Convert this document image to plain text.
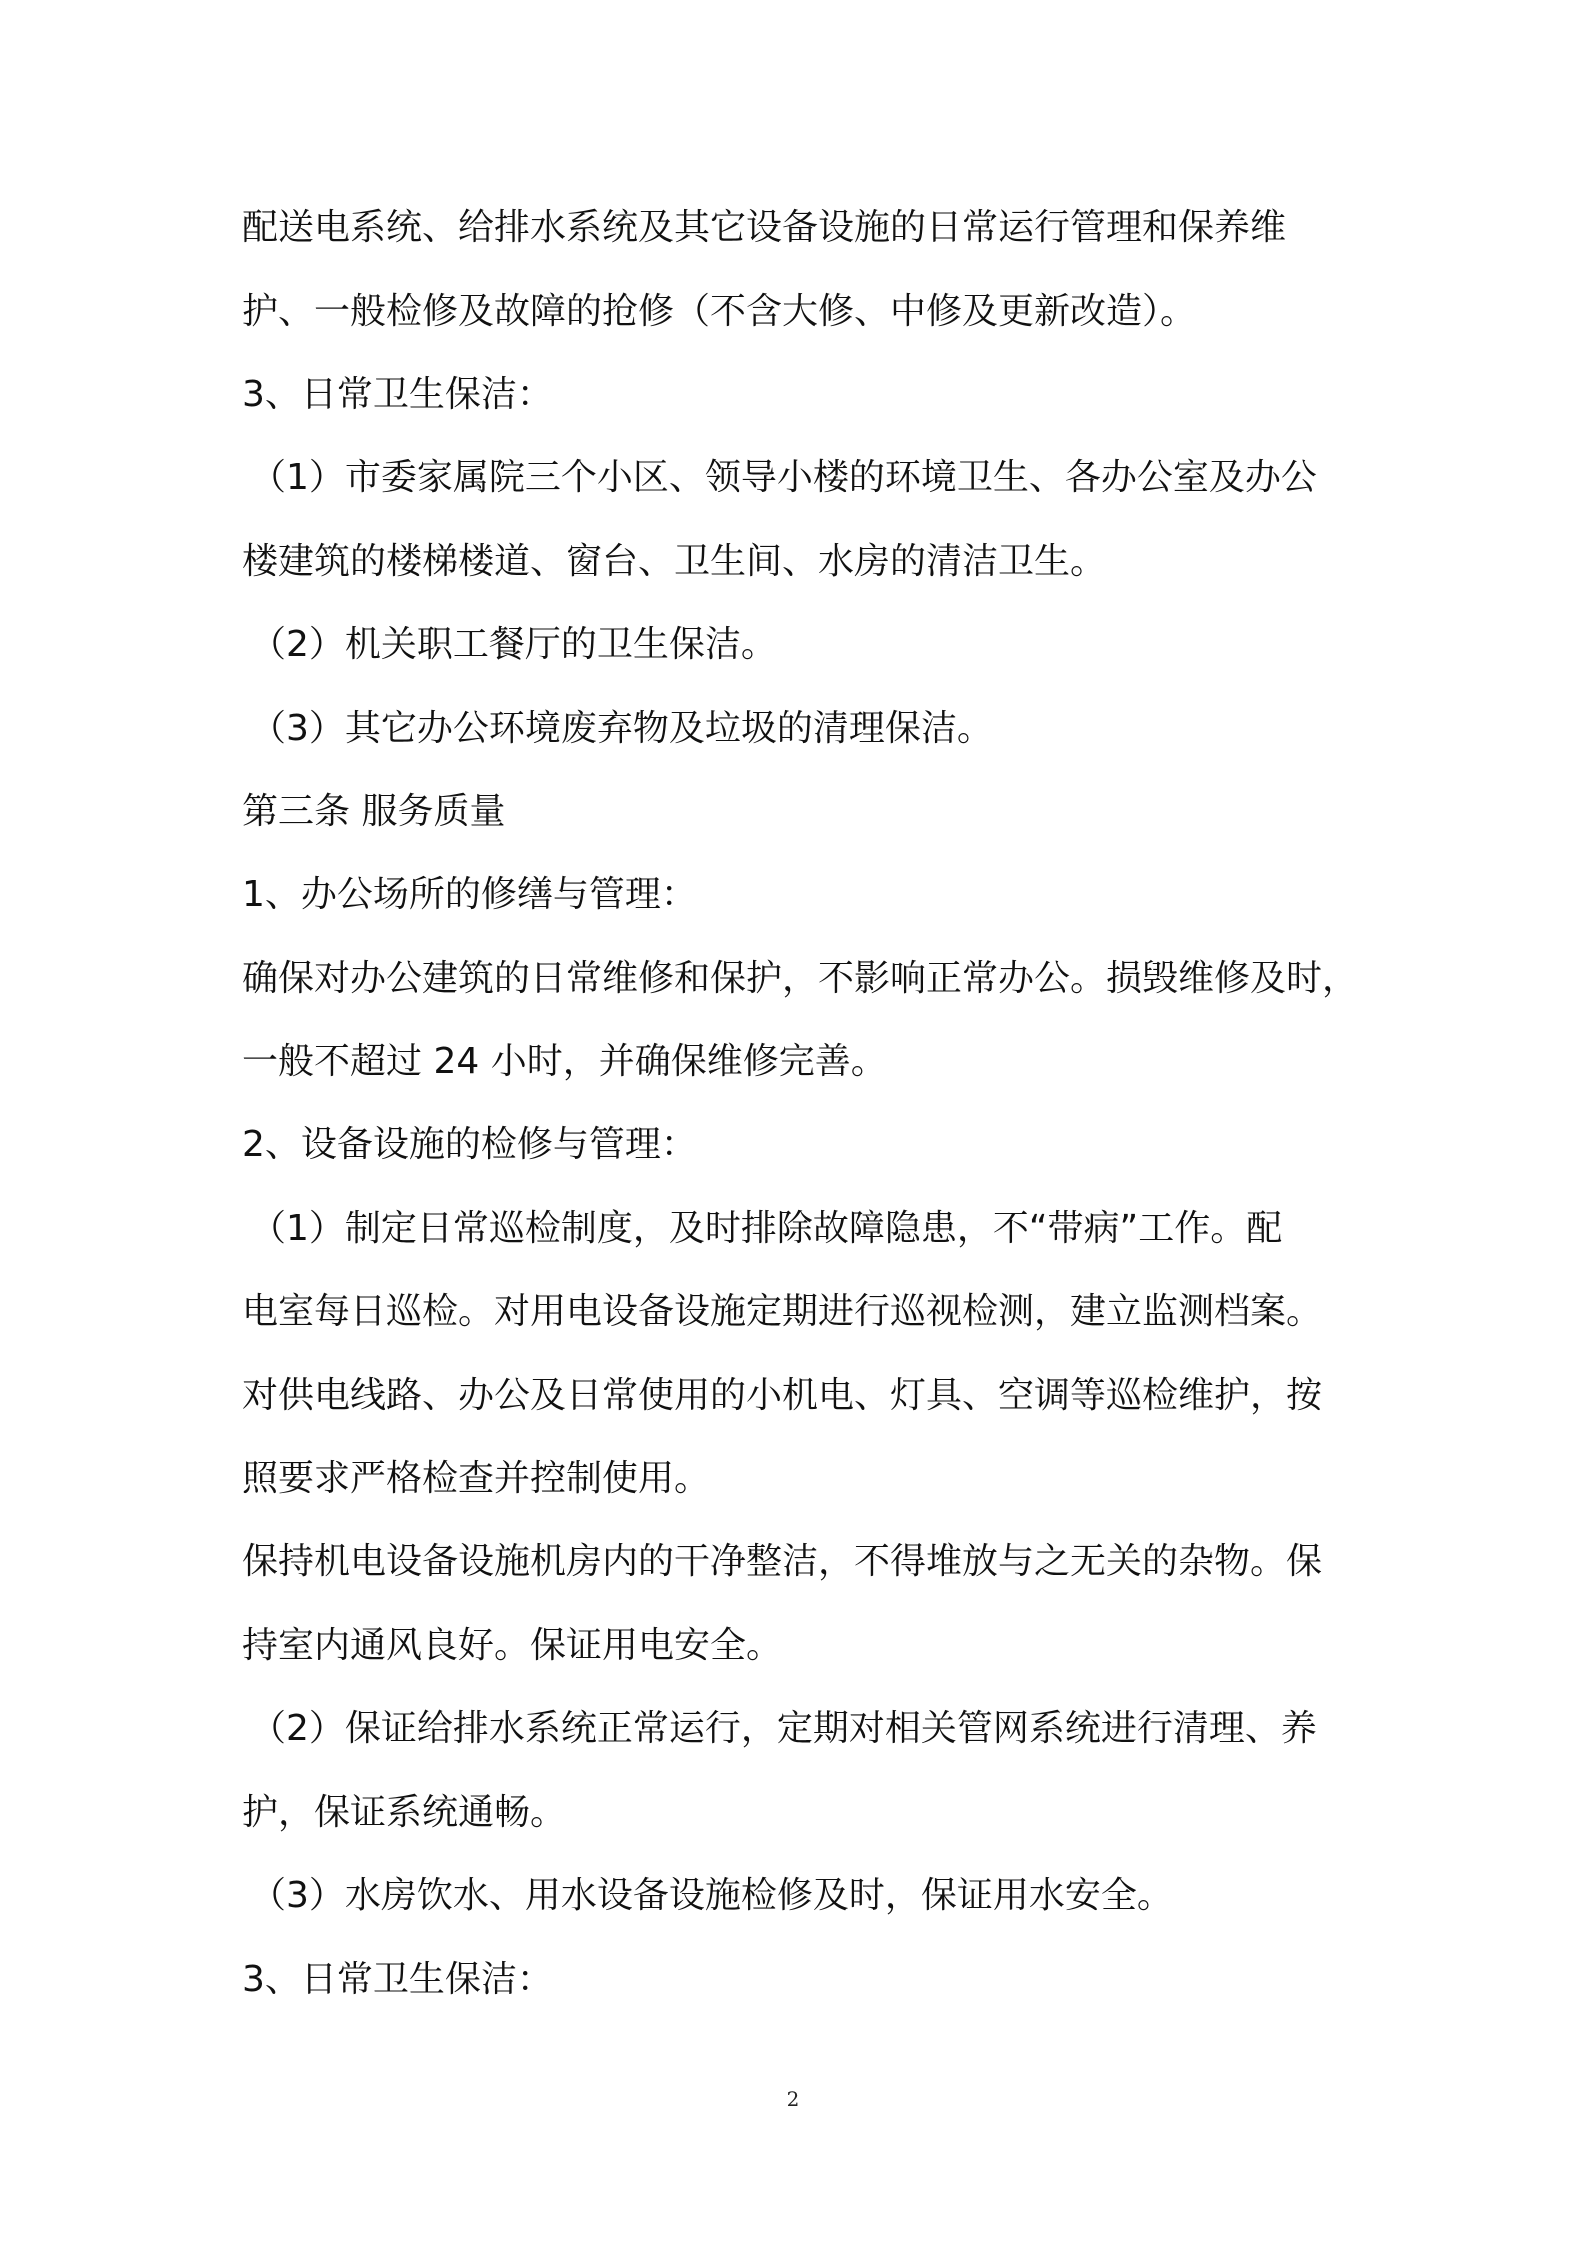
配送电系统、给排水系统及其它设备设施的日常运行管理和保养维
护、一般检修及故障的抢修（不含大修、中修及更新改造）。
3、日常卫生保洁：
（1）市委家属院三个小区、领导小楼的环境卫生、各办公室及办公
楼建筑的楼梯楼道、窗台、卫生间、水房的清洁卫生。
（2）机关职工餐厅的卫生保洁。
（3）其它办公环境废弃物及垃圾的清理保洁。
第三条 服务质量
1、办公场所的修缮与管理：
确保对办公建筑的日常维修和保护，不影响正常办公。损毁维修及时，
一般不超过 24 小时，并确保维修完善。
2、设备设施的检修与管理：
（1）制定日常巡检制度，及时排除故障隐患，不“带病”工作。配
电室每日巡检。对用电设备设施定期进行巡视检测，建立监测档案。
对供电线路、办公及日常使用的小机电、灯具、空调等巡检维护，按
照要求严格检查并控制使用。
保持机电设备设施机房内的干净整洁，不得堆放与之无关的杂物。保
持室内通风良好。保证用电安全。
（2）保证给排水系统正常运行，定期对相关管网系统进行清理、养
护，保证系统通畅。
（3）水房饮水、用水设备设施检修及时，保证用水安全。
3、日常卫生保洁：
2
